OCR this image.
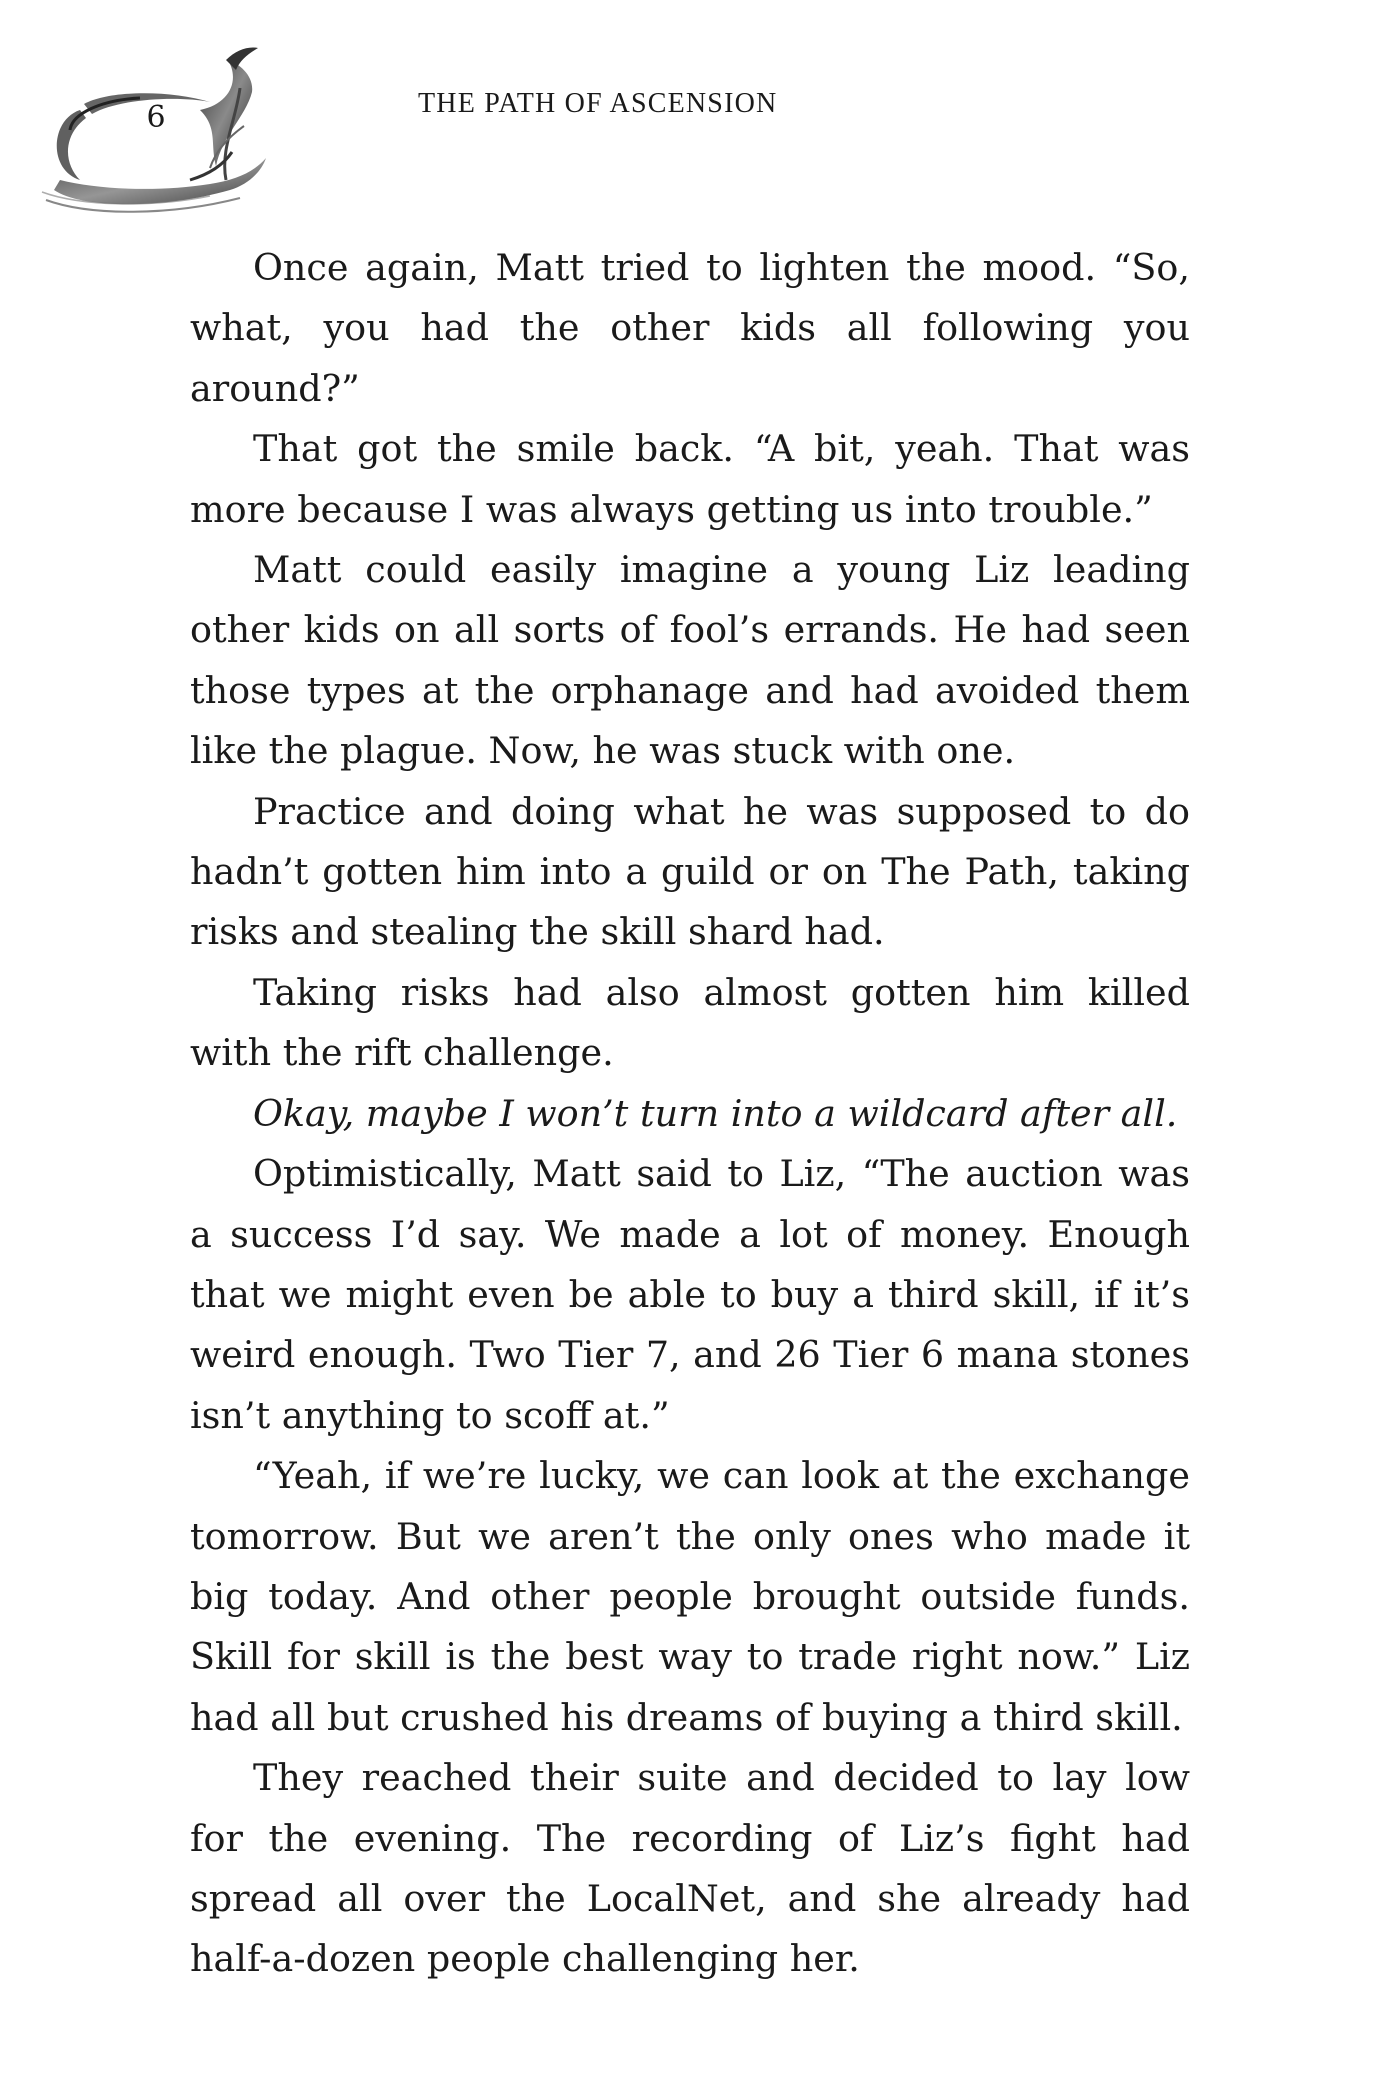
6	THE PATH OF ASCENSION

Once again, Matt tried to lighten the mood. “So, what, you had the other kids all following you around?”

That got the smile back. “A bit, yeah. That was more because I was always getting us into trouble.”

Matt could easily imagine a young Liz leading other kids on all sorts of fool’s errands. He had seen those types at the orphanage and had avoided them like the plague. Now, he was stuck with one.

Practice and doing what he was supposed to do hadn’t gotten him into a guild or on The Path, taking risks and stealing the skill shard had.

Taking risks had also almost gotten him killed with the rift challenge.

Okay, maybe I won’t turn into a wildcard after all.

Optimistically, Matt said to Liz, “The auction was a success I’d say. We made a lot of money. Enough that we might even be able to buy a third skill, if it’s weird enough. Two Tier 7, and 26 Tier 6 mana stones isn’t anything to scoff at.”

“Yeah, if we’re lucky, we can look at the exchange tomorrow. But we aren’t the only ones who made it big today. And other people brought outside funds. Skill for skill is the best way to trade right now.” Liz had all but crushed his dreams of buying a third skill.

They reached their suite and decided to lay low for the evening. The recording of Liz’s fight had spread all over the LocalNet, and she already had half-a-dozen people challenging her.
